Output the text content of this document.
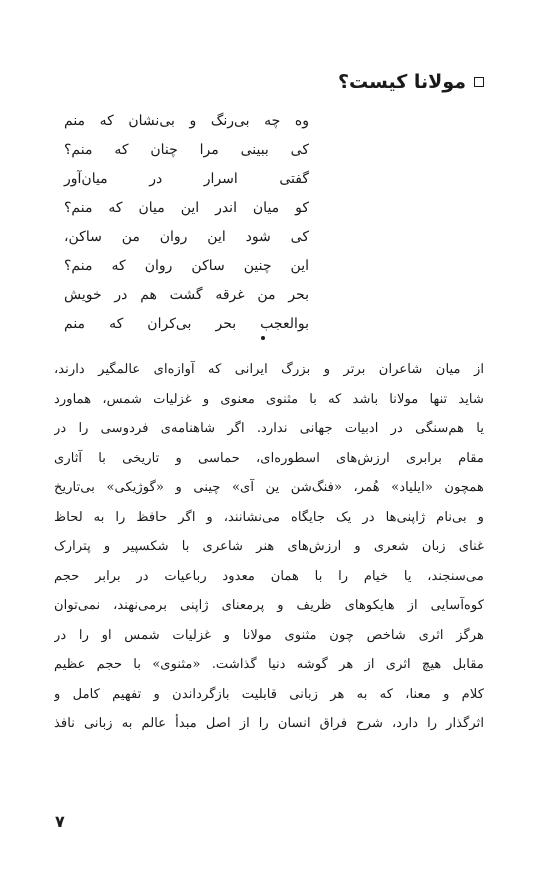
مولانا کیست؟
وه چه بی‌رنگ و بی‌نشان که منم
کی ببینی مرا چنان که منم؟
گفتی اسرار در میان‌آور
کو میان اندر این میان که منم؟
کی شود این روان من ساکن،
این چنین ساکن روان که منم؟
بحر من غرقه گشت هم در خویش
بوالعجب بحر بی‌کران که منم
از میان شاعران برتر و بزرگ ایرانی که آوازه‌ای عالمگیر دارند،
شاید تنها مولانا باشد که با مثنوی معنوی و غزلیات شمس، هماورد
یا هم‌سنگی در ادبیات جهانی ندارد. اگر شاهنامه‌ی فردوسی را در
مقام برابری ارزش‌های اسطوره‌ای، حماسی و تاریخی با آثاری
همچون «ایلیاد» هُمر، «فنگ‌شن ین آی» چینی و «گوژیکی» بی‌تاریخ
و بی‌نام ژاپنی‌ها در یک جایگاه می‌نشانند، و اگر حافظ را به لحاظ
غنای زبان شعری و ارزش‌های هنر شاعری با شکسپیر و پترارک
می‌سنجند، یا خیام را با همان معدود رباعیات در برابر حجم
کوه‌آسایی از هایکوهای ظریف و پرمعنای ژاپنی برمی‌نهند، نمی‌توان
هرگز اثری شاخص چون مثنوی مولانا و غزلیات شمس او را در
مقابل هیچ اثری از هر گوشه دنیا گذاشت. «مثنوی» با حجم عظیم
کلام و معنا، که به هر زبانی قابلیت بازگرداندن و تفهیم کامل و
اثرگذار را دارد، شرح فراق انسان را از اصل مبدأ عالم به زبانی نافذ
۷
